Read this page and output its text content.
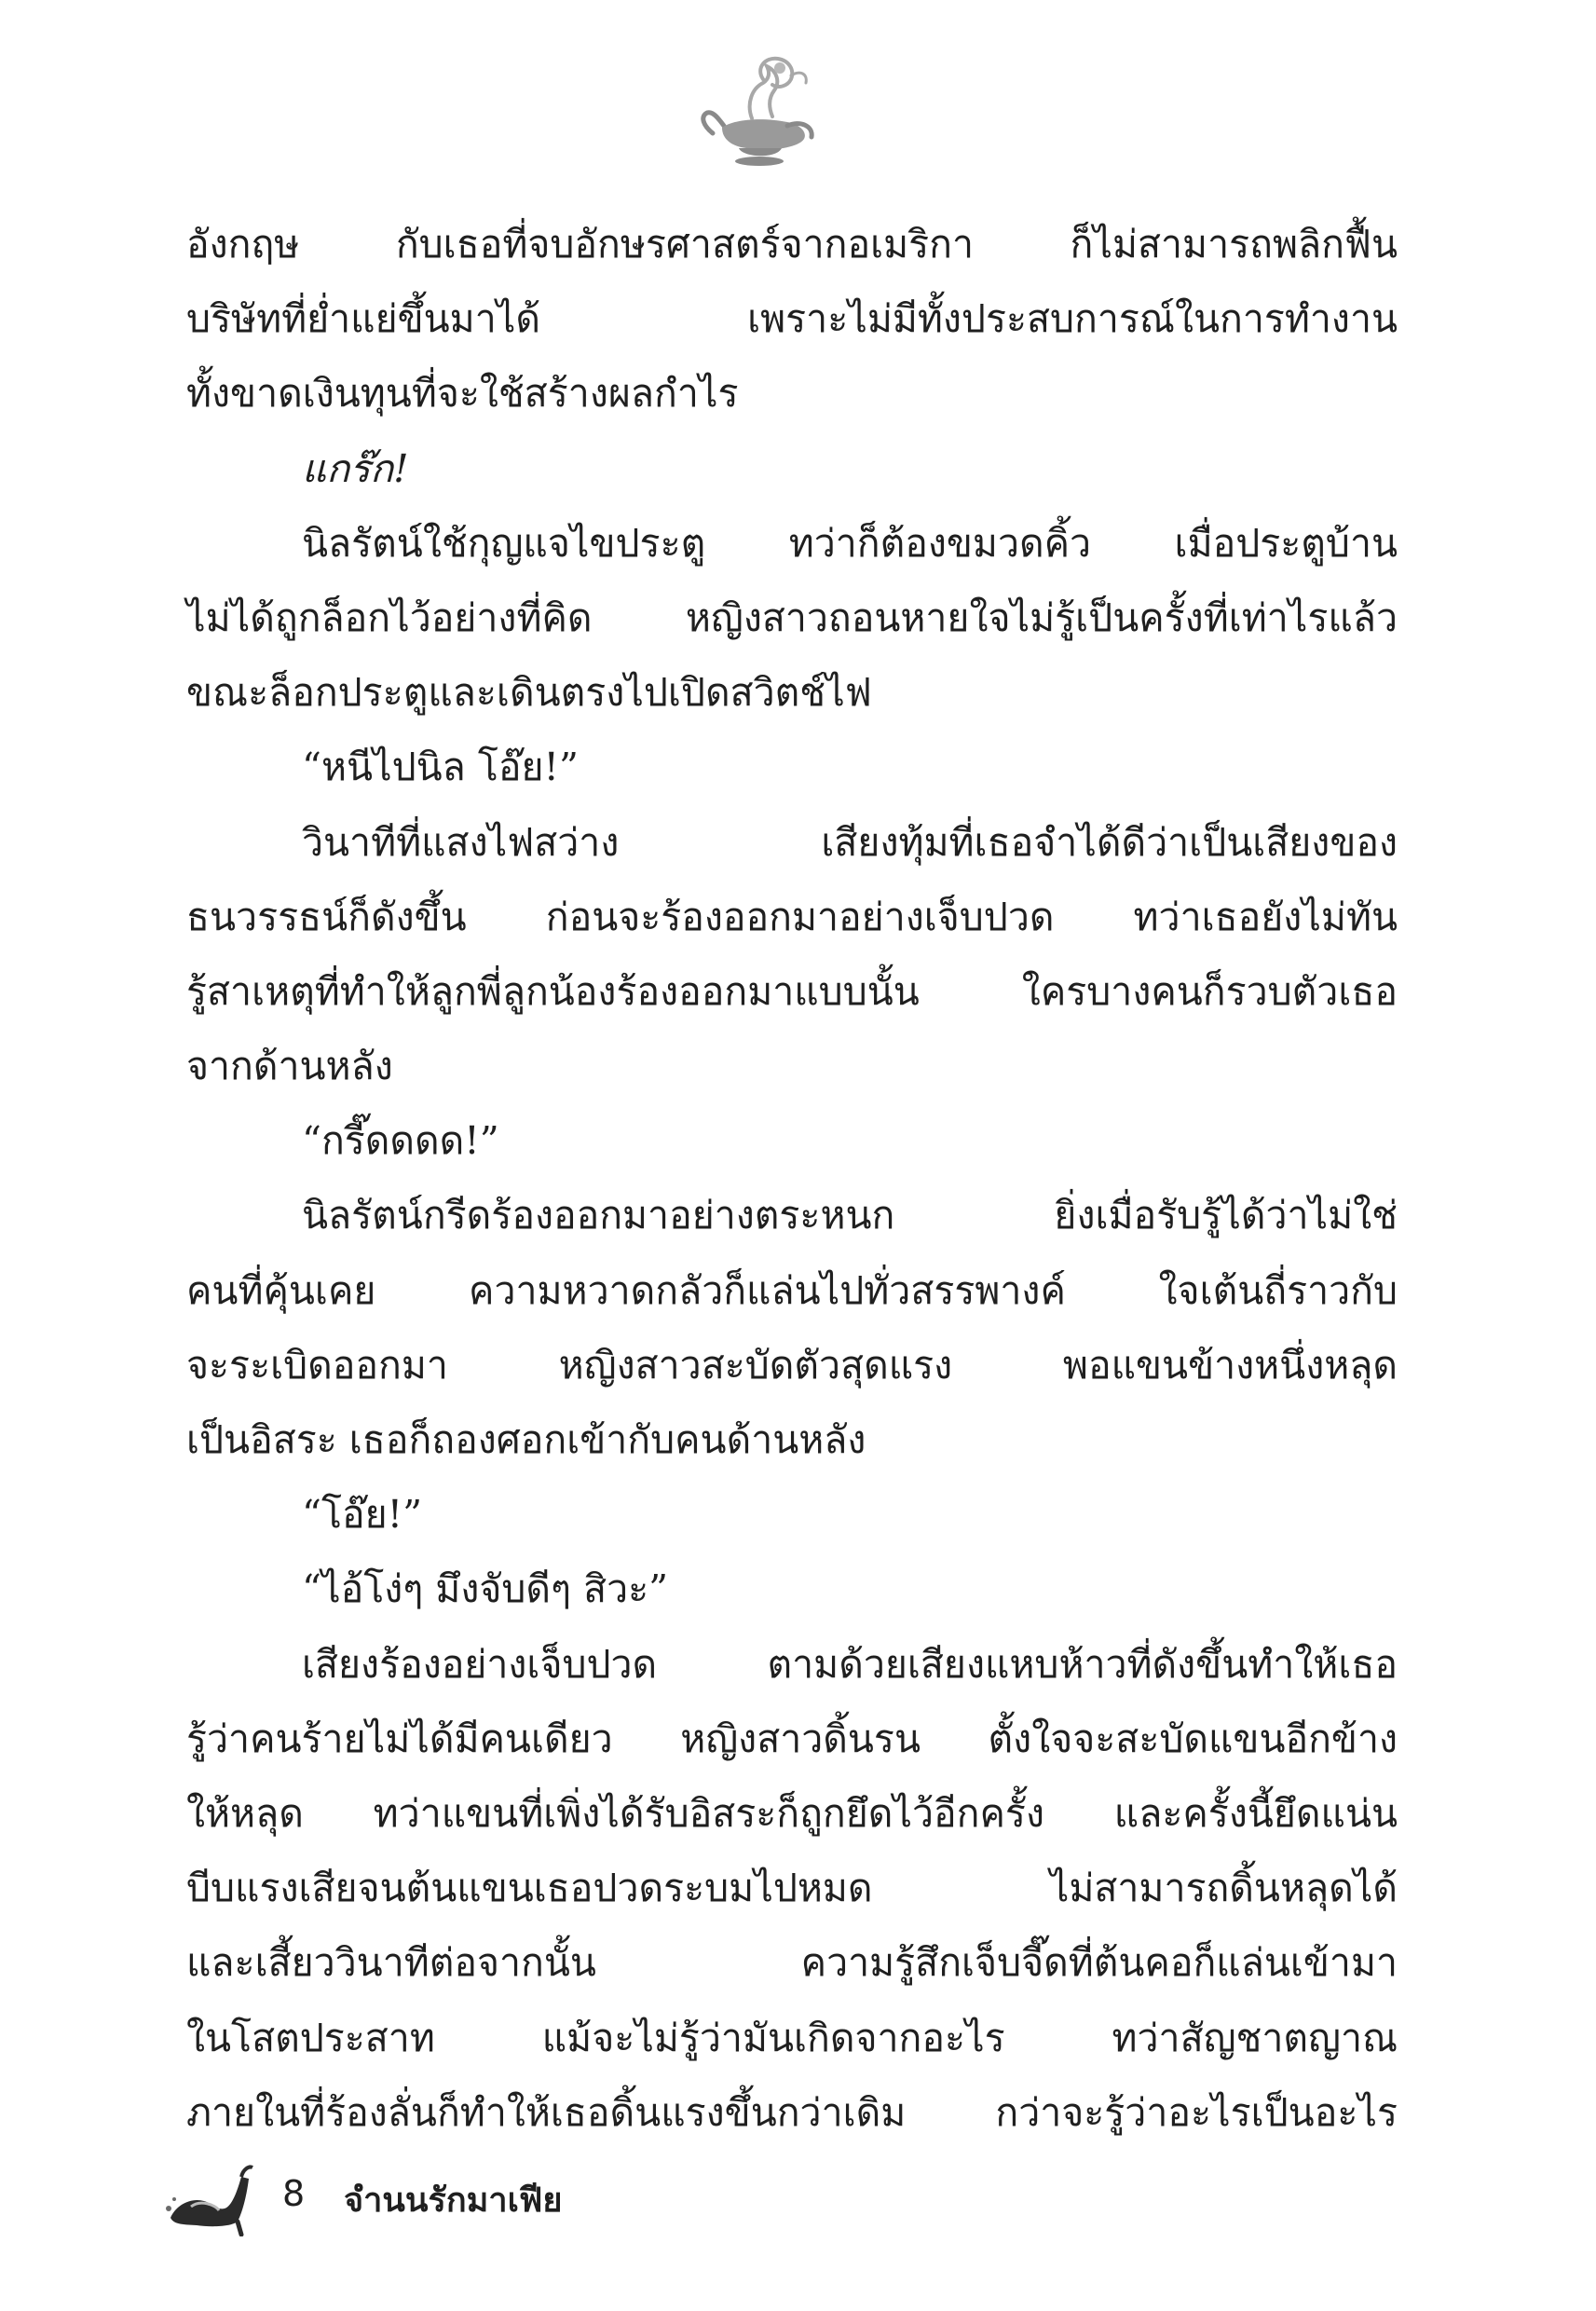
อังกฤษ กับเธอที่จบอักษรศาสตร์จากอเมริกา ก็ไม่สามารถพลิกฟื้น
บริษัทที่ย่ำแย่ขึ้นมาได้ เพราะไม่มีทั้งประสบการณ์ในการทำงาน
ทั้งขาดเงินทุนที่จะใช้สร้างผลกำไร
แกร๊ก!
นิลรัตน์ใช้กุญแจไขประตู ทว่าก็ต้องขมวดคิ้ว เมื่อประตูบ้าน
ไม่ได้ถูกล็อกไว้อย่างที่คิด หญิงสาวถอนหายใจไม่รู้เป็นครั้งที่เท่าไรแล้ว
ขณะล็อกประตูและเดินตรงไปเปิดสวิตช์ไฟ
“หนีไปนิล โอ๊ย!”
วินาทีที่แสงไฟสว่าง เสียงทุ้มที่เธอจำได้ดีว่าเป็นเสียงของ
ธนวรรธน์ก็ดังขึ้น ก่อนจะร้องออกมาอย่างเจ็บปวด ทว่าเธอยังไม่ทัน
รู้สาเหตุที่ทำให้ลูกพี่ลูกน้องร้องออกมาแบบนั้น ใครบางคนก็รวบตัวเธอ
จากด้านหลัง
“กรี๊ดดดด!”
นิลรัตน์กรีดร้องออกมาอย่างตระหนก ยิ่งเมื่อรับรู้ได้ว่าไม่ใช่
คนที่คุ้นเคย ความหวาดกลัวก็แล่นไปทั่วสรรพางค์ ใจเต้นถี่ราวกับ
จะระเบิดออกมา หญิงสาวสะบัดตัวสุดแรง พอแขนข้างหนึ่งหลุด
เป็นอิสระ เธอก็ถองศอกเข้ากับคนด้านหลัง
“โอ๊ย!”
“ไอ้โง่ๆ มึงจับดีๆ สิวะ”
เสียงร้องอย่างเจ็บปวด ตามด้วยเสียงแหบห้าวที่ดังขึ้นทำให้เธอ
รู้ว่าคนร้ายไม่ได้มีคนเดียว หญิงสาวดิ้นรน ตั้งใจจะสะบัดแขนอีกข้าง
ให้หลุด ทว่าแขนที่เพิ่งได้รับอิสระก็ถูกยึดไว้อีกครั้ง และครั้งนี้ยึดแน่น
บีบแรงเสียจนต้นแขนเธอปวดระบมไปหมด ไม่สามารถดิ้นหลุดได้
และเสี้ยววินาทีต่อจากนั้น ความรู้สึกเจ็บจี๊ดที่ต้นคอก็แล่นเข้ามา
ในโสตประสาท แม้จะไม่รู้ว่ามันเกิดจากอะไร ทว่าสัญชาตญาณ
ภายในที่ร้องลั่นก็ทำให้เธอดิ้นแรงขึ้นกว่าเดิม กว่าจะรู้ว่าอะไรเป็นอะไร
8 จำนนรักมาเฟีย
